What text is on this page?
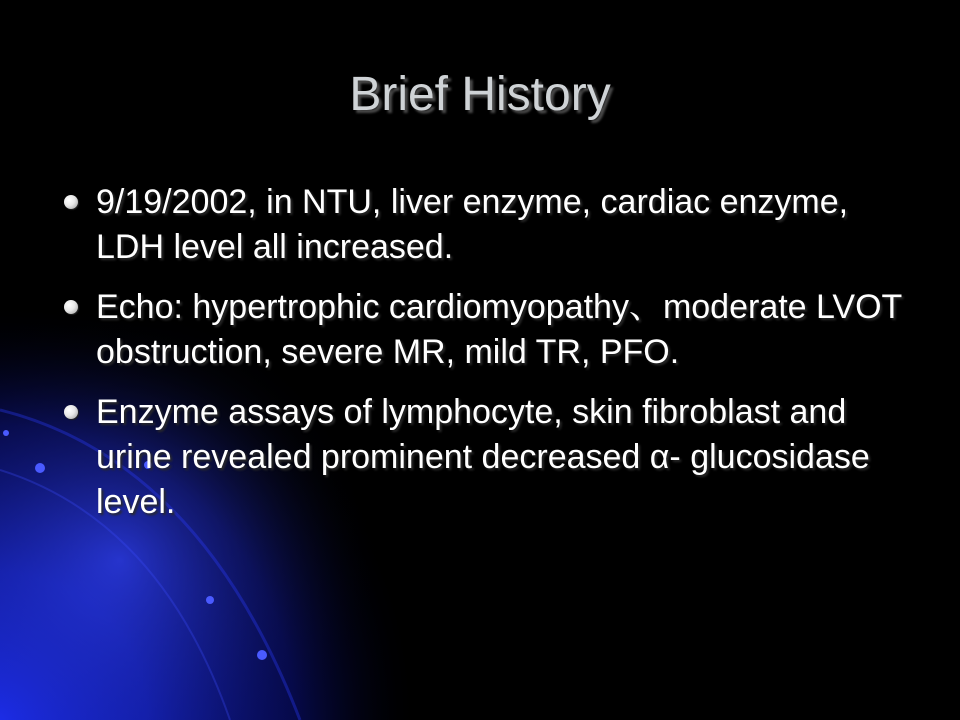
Brief History
9/19/2002, in NTU, liver enzyme, cardiac enzyme, LDH level all increased.
Echo: hypertrophic cardiomyopathy、moderate LVOT obstruction, severe MR, mild TR, PFO.
Enzyme assays of lymphocyte, skin fibroblast and urine revealed prominent decreased α- glucosidase level.
